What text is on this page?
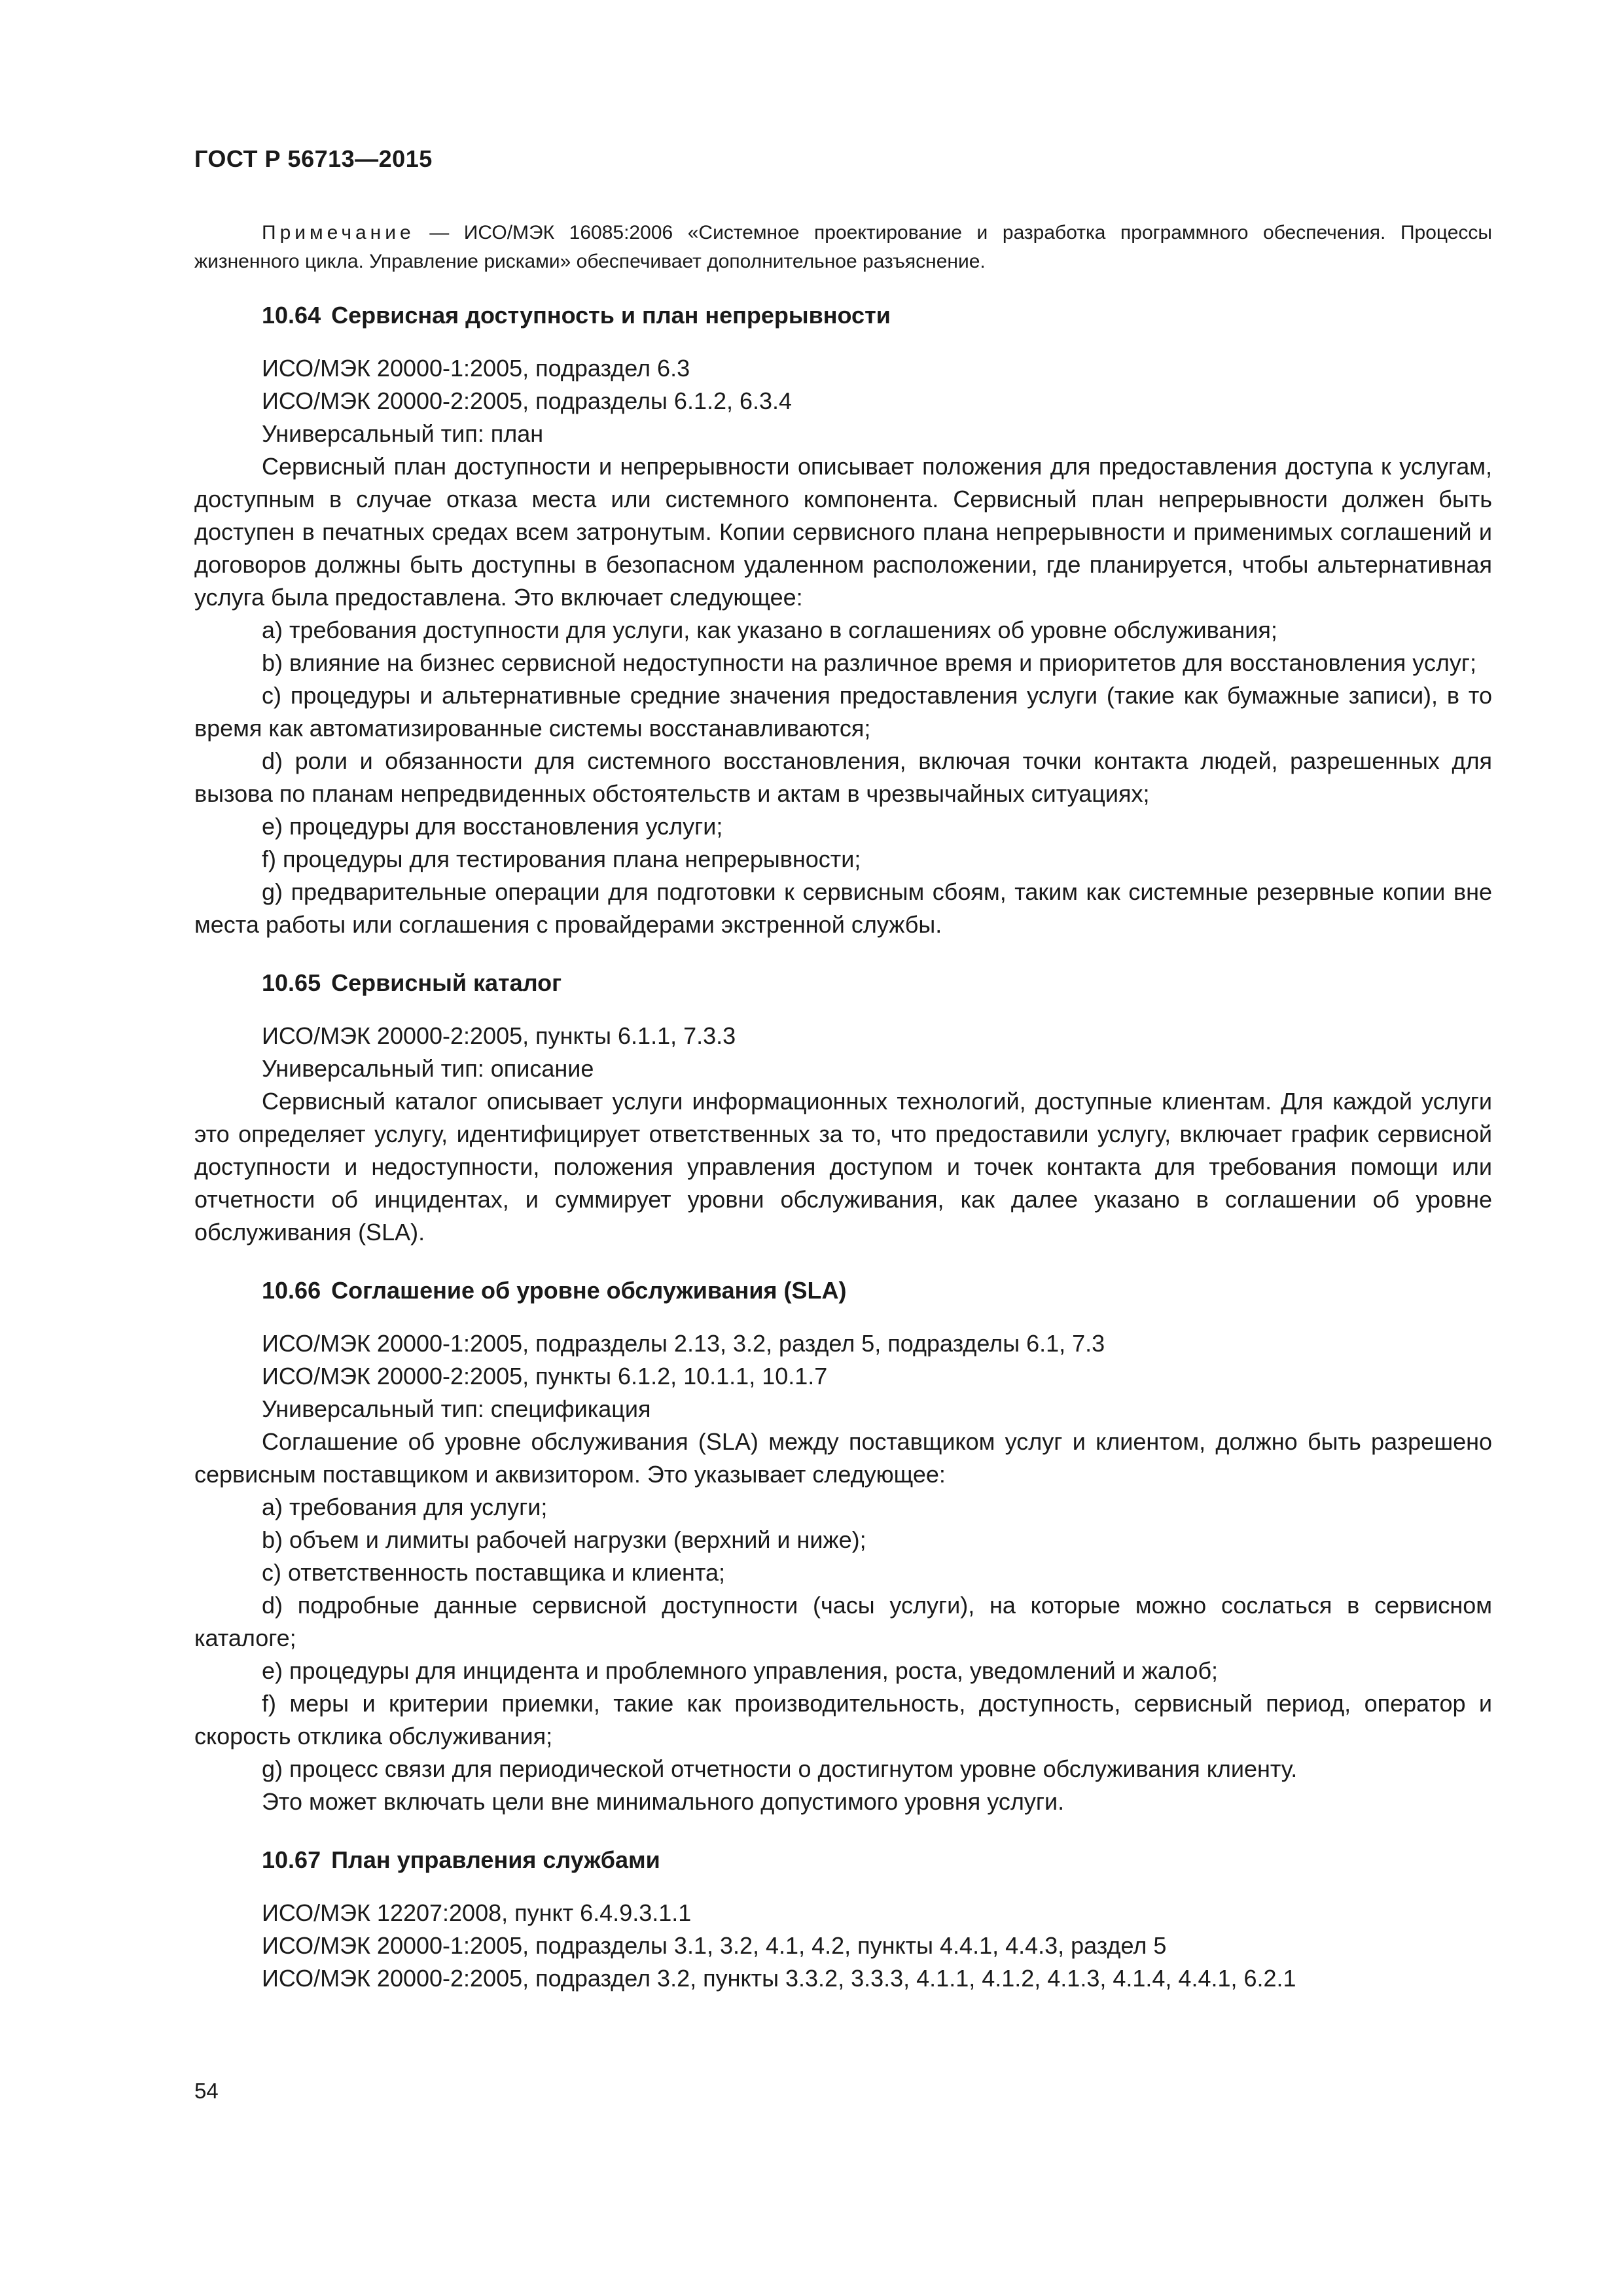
ГОСТ Р 56713—2015

Примечание — ИСО/МЭК 16085:2006 «Системное проектирование и разработка программного обеспечения. Процессы жизненного цикла. Управление рисками» обеспечивает дополнительное разъяснение.

10.64 Сервисная доступность и план непрерывности

ИСО/МЭК 20000-1:2005, подраздел 6.3

ИСО/МЭК 20000-2:2005, подразделы 6.1.2, 6.3.4

Универсальный тип: план

Сервисный план доступности и непрерывности описывает положения для предоставления доступа к услугам, доступным в случае отказа места или системного компонента. Сервисный план непрерывности должен быть доступен в печатных средах всем затронутым. Копии сервисного плана непрерывности и применимых соглашений и договоров должны быть доступны в безопасном удаленном расположении, где планируется, чтобы альтернативная услуга была предоставлена. Это включает следующее:

a) требования доступности для услуги, как указано в соглашениях об уровне обслуживания;

b) влияние на бизнес сервисной недоступности на различное время и приоритетов для восстановления услуг;

c) процедуры и альтернативные средние значения предоставления услуги (такие как бумажные записи), в то время как автоматизированные системы восстанавливаются;

d) роли и обязанности для системного восстановления, включая точки контакта людей, разрешенных для вызова по планам непредвиденных обстоятельств и актам в чрезвычайных ситуациях;

e) процедуры для восстановления услуги;

f) процедуры для тестирования плана непрерывности;

g) предварительные операции для подготовки к сервисным сбоям, таким как системные резервные копии вне места работы или соглашения с провайдерами экстренной службы.

10.65 Сервисный каталог

ИСО/МЭК 20000-2:2005, пункты 6.1.1, 7.3.3

Универсальный тип: описание

Сервисный каталог описывает услуги информационных технологий, доступные клиентам. Для каждой услуги это определяет услугу, идентифицирует ответственных за то, что предоставили услугу, включает график сервисной доступности и недоступности, положения управления доступом и точек контакта для требования помощи или отчетности об инцидентах, и суммирует уровни обслуживания, как далее указано в соглашении об уровне обслуживания (SLA).

10.66 Соглашение об уровне обслуживания (SLA)

ИСО/МЭК 20000-1:2005, подразделы 2.13, 3.2, раздел 5, подразделы 6.1, 7.3

ИСО/МЭК 20000-2:2005, пункты 6.1.2, 10.1.1, 10.1.7

Универсальный тип: спецификация

Соглашение об уровне обслуживания (SLA) между поставщиком услуг и клиентом, должно быть разрешено сервисным поставщиком и аквизитором. Это указывает следующее:

a) требования для услуги;

b) объем и лимиты рабочей нагрузки (верхний и ниже);

c) ответственность поставщика и клиента;

d) подробные данные сервисной доступности (часы услуги), на которые можно сослаться в сервисном каталоге;

e) процедуры для инцидента и проблемного управления, роста, уведомлений и жалоб;

f) меры и критерии приемки, такие как производительность, доступность, сервисный период, оператор и скорость отклика обслуживания;

g) процесс связи для периодической отчетности о достигнутом уровне обслуживания клиенту.

Это может включать цели вне минимального допустимого уровня услуги.

10.67 План управления службами

ИСО/МЭК 12207:2008, пункт 6.4.9.3.1.1

ИСО/МЭК 20000-1:2005, подразделы 3.1, 3.2, 4.1, 4.2, пункты 4.4.1, 4.4.3, раздел 5

ИСО/МЭК 20000-2:2005, подраздел 3.2, пункты 3.3.2, 3.3.3, 4.1.1, 4.1.2, 4.1.3, 4.1.4, 4.4.1, 6.2.1

54
